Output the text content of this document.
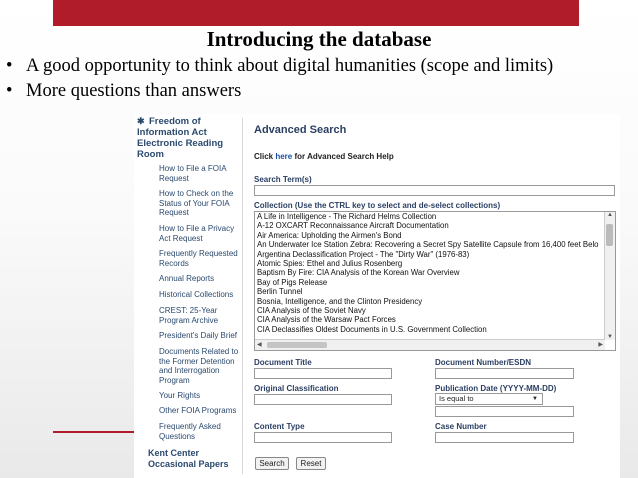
Introducing the database
• A good opportunity to think about digital humanities (scope and limits)
• More questions than answers
✱ Freedom of Information Act Electronic Reading Room
How to File a FOIA Request
How to Check on the Status of Your FOIA Request
How to File a Privacy Act Request
Frequently Requested Records
Annual Reports
Historical Collections
CREST: 25-Year Program Archive
President's Daily Brief
Documents Related to the Former Detention and Interrogation Program
Your Rights
Other FOIA Programs
Frequently Asked Questions
Kent Center Occasional Papers
Advanced Search
Click here for Advanced Search Help
Search Term(s)
Collection (Use the CTRL key to select and de-select collections)
A Life in Intelligence - The Richard Helms Collection
A-12 OXCART Reconnaissance Aircraft Documentation
Air America: Upholding the Airmen's Bond
An Underwater Ice Station Zebra: Recovering a Secret Spy Satellite Capsule from 16,400 feet Belo
Argentina Declassification Project - The "Dirty War" (1976-83)
Atomic Spies: Ethel and Julius Rosenberg
Baptism By Fire: CIA Analysis of the Korean War Overview
Bay of Pigs Release
Berlin Tunnel
Bosnia, Intelligence, and the Clinton Presidency
CIA Analysis of the Soviet Navy
CIA Analysis of the Warsaw Pact Forces
CIA Declassifies Oldest Documents in U.S. Government Collection
▲
▼
◀	▶
Document Title	Document Number/ESDN
Original Classification	Publication Date (YYYY-MM-DD)
Is equal to	▼
Content Type	Case Number
Search	Reset
